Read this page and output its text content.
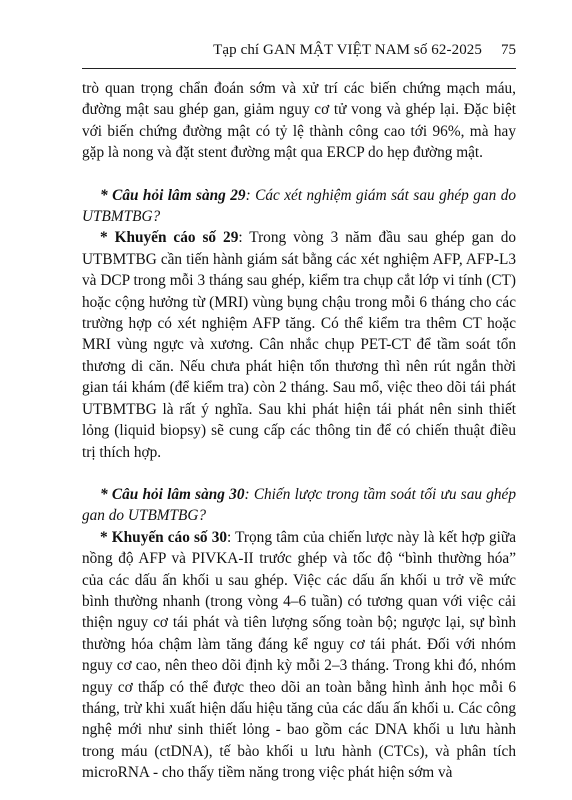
Tạp chí GAN MẬT VIỆT NAM số 62-2025 75

trò quan trọng chẩn đoán sớm và xử trí các biến chứng mạch máu, đường mật sau ghép gan, giảm nguy cơ tử vong và ghép lại. Đặc biệt với biến chứng đường mật có tỷ lệ thành công cao tới 96%, mà hay gặp là nong và đặt stent đường mật qua ERCP do hẹp đường mật.

* Câu hỏi lâm sàng 29: Các xét nghiệm giám sát sau ghép gan do UTBMTBG?

* Khuyến cáo số 29: Trong vòng 3 năm đầu sau ghép gan do UTBMTBG cần tiến hành giám sát bằng các xét nghiệm AFP, AFP-L3 và DCP trong mỗi 3 tháng sau ghép, kiểm tra chụp cắt lớp vi tính (CT) hoặc cộng hưởng từ (MRI) vùng bụng chậu trong mỗi 6 tháng cho các trường hợp có xét nghiệm AFP tăng. Có thể kiểm tra thêm CT hoặc MRI vùng ngực và xương. Cân nhắc chụp PET-CT để tầm soát tổn thương di căn. Nếu chưa phát hiện tổn thương thì nên rút ngắn thời gian tái khám (để kiểm tra) còn 2 tháng. Sau mổ, việc theo dõi tái phát UTBMTBG là rất ý nghĩa. Sau khi phát hiện tái phát nên sinh thiết lỏng (liquid biopsy) sẽ cung cấp các thông tin để có chiến thuật điều trị thích hợp.

* Câu hỏi lâm sàng 30: Chiến lược trong tầm soát tối ưu sau ghép gan do UTBMTBG?

* Khuyến cáo số 30: Trọng tâm của chiến lược này là kết hợp giữa nồng độ AFP và PIVKA-II trước ghép và tốc độ “bình thường hóa” của các dấu ấn khối u sau ghép. Việc các dấu ấn khối u trở về mức bình thường nhanh (trong vòng 4–6 tuần) có tương quan với việc cải thiện nguy cơ tái phát và tiên lượng sống toàn bộ; ngược lại, sự bình thường hóa chậm làm tăng đáng kể nguy cơ tái phát. Đối với nhóm nguy cơ cao, nên theo dõi định kỳ mỗi 2–3 tháng. Trong khi đó, nhóm nguy cơ thấp có thể được theo dõi an toàn bằng hình ảnh học mỗi 6 tháng, trừ khi xuất hiện dấu hiệu tăng của các dấu ấn khối u. Các công nghệ mới như sinh thiết lỏng - bao gồm các DNA khối u lưu hành trong máu (ctDNA), tế bào khối u lưu hành (CTCs), và phân tích microRNA - cho thấy tiềm năng trong việc phát hiện sớm và
